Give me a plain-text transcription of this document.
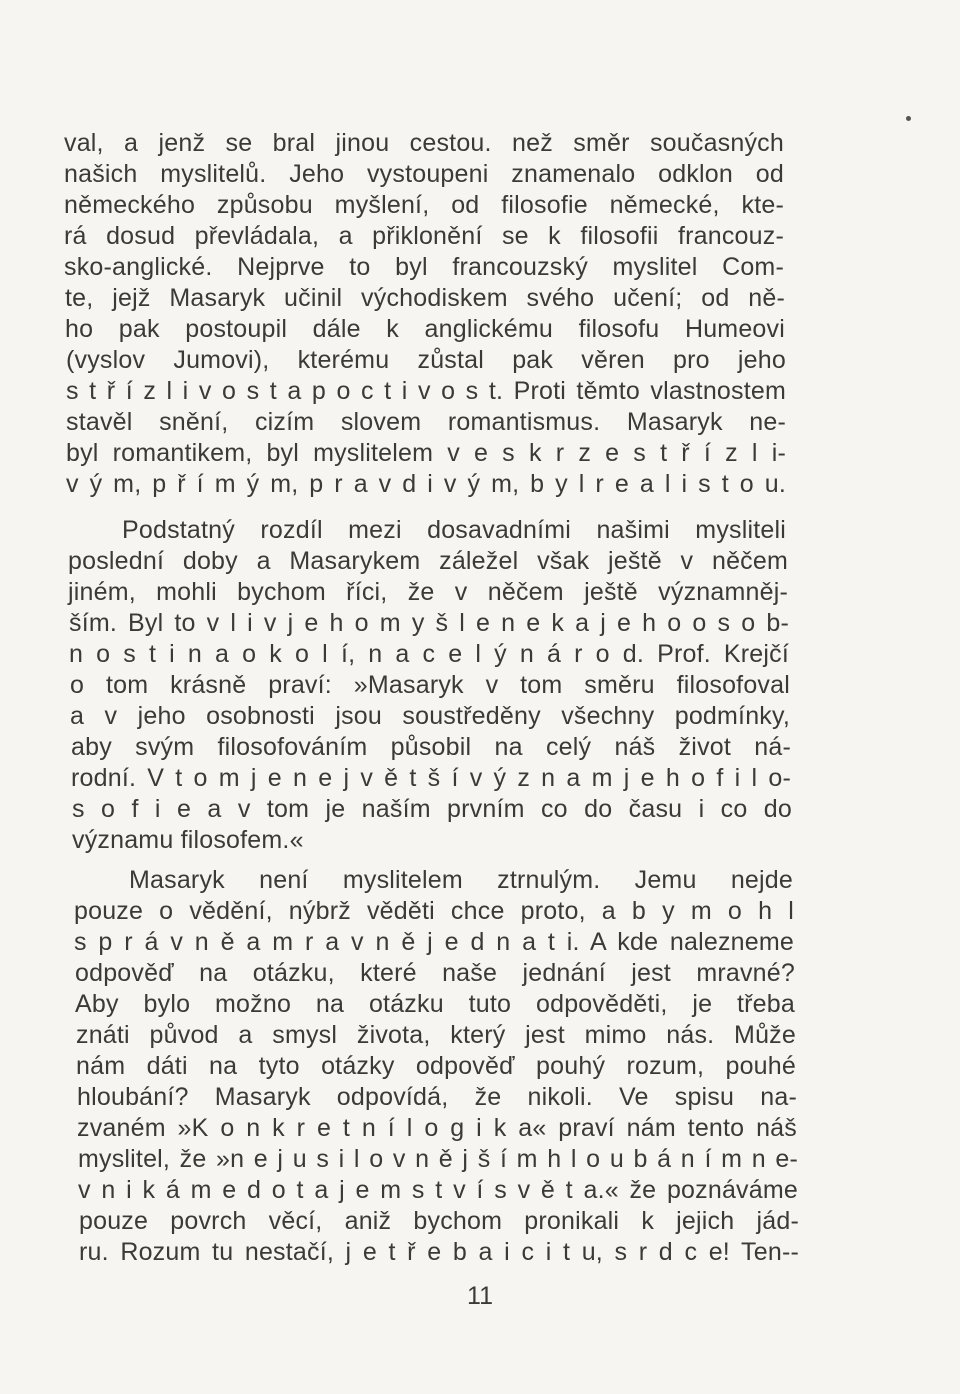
val, a jenž se bral jinou cestou. než směr současných
našich myslitelů. Jeho vystoupeni znamenalo odklon od
německého způsobu myšlení, od filosofie německé, kte-
rá dosud převládala, a přiklonění se k filosofii francouz-
sko-anglické. Nejprve to byl francouzský myslitel Com-
te, jejž Masaryk učinil východiskem svého učení; od ně-
ho pak postoupil dále k anglickému filosofu Humeovi
(vyslov Jumovi), kterému zůstal pak věren pro jeho
s t ř í z l i v o s t a p o c t i v o s t. Proti těmto vlastnostem
stavěl snění, cizím slovem romantismus. Masaryk ne-
byl romantikem, byl myslitelem v e s k r z e s t ř í z l i-
v ý m, p ř í m ý m, p r a v d i v ý m, b y l r e a l i s t o u.
Podstatný rozdíl mezi dosavadními našimi mysliteli
poslední doby a Masarykem záležel však ještě v něčem
jiném, mohli bychom říci, že v něčem ještě významněj-
ším. Byl to v l i v j e h o m y š l e n e k a j e h o o s o b-
n o s t i n a o k o l í, n a c e l ý n á r o d. Prof. Krejčí
o tom krásně praví: »Masaryk v tom směru filosofoval
a v jeho osobnosti jsou soustředěny všechny podmínky,
aby svým filosofováním působil na celý náš život ná-
rodní. V t o m j e n e j v ě t š í v ý z n a m j e h o f i l o-
s o f i e a v tom je naším prvním co do času i co do
významu filosofem.«
Masaryk není myslitelem ztrnulým. Jemu nejde
pouze o vědění, nýbrž věděti chce proto, a b y m o h l
s p r á v n ě a m r a v n ě j e d n a t i. A kde nalezneme
odpověď na otázku, které naše jednání jest mravné?
Aby bylo možno na otázku tuto odpověděti, je třeba
znáti původ a smysl života, který jest mimo nás. Může
nám dáti na tyto otázky odpověď pouhý rozum, pouhé
hloubání? Masaryk odpovídá, že nikoli. Ve spisu na-
zvaném »K o n k r e t n í l o g i k a« praví nám tento náš
myslitel, že »n e j u s i l o v n ě j š í m h l o u b á n í m n e-
v n i k á m e d o t a j e m s t v í s v ě t a.« že poznáváme
pouze povrch věcí, aniž bychom pronikali k jejich jád-
ru. Rozum tu nestačí, j e t ř e b a i c i t u, s r d c e! Ten--
11
